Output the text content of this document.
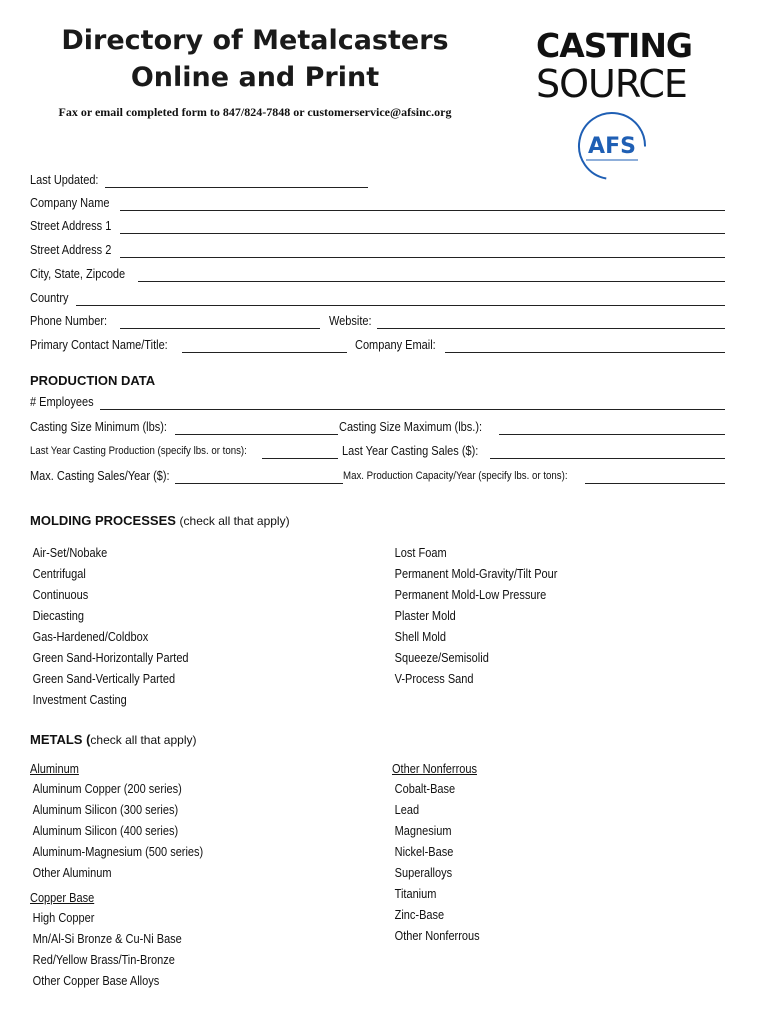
Directory of Metalcasters
Online and Print
Fax or email completed form to 847/824-7848 or customerservice@afsinc.org
CASTING
SOURCE
AFS
Last Updated:
Company Name
Street Address 1
Street Address 2
City, State, Zipcode
Country
Phone Number:	Website:
Primary Contact Name/Title:	Company Email:
PRODUCTION DATA
# Employees
Casting Size Minimum (lbs):	Casting Size Maximum (lbs.):
Last Year Casting Production (specify lbs. or tons):	Last Year Casting Sales ($):
Max. Casting Sales/Year ($):	Max. Production Capacity/Year (specify lbs. or tons):
MOLDING PROCESSES (check all that apply)
Air-Set/Nobake
Centrifugal
Continuous
Diecasting
Gas-Hardened/Coldbox
Green Sand-Horizontally Parted
Green Sand-Vertically Parted
Investment Casting
Lost Foam
Permanent Mold-Gravity/Tilt Pour
Permanent Mold-Low Pressure
Plaster Mold
Shell Mold
Squeeze/Semisolid
V-Process Sand
METALS (check all that apply)
Aluminum
Aluminum Copper (200 series)
Aluminum Silicon (300 series)
Aluminum Silicon (400 series)
Aluminum-Magnesium (500 series)
Other Aluminum
Copper Base
High Copper
Mn/Al-Si Bronze & Cu-Ni Base
Red/Yellow Brass/Tin-Bronze
Other Copper Base Alloys
Other Nonferrous
Cobalt-Base
Lead
Magnesium
Nickel-Base
Superalloys
Titanium
Zinc-Base
Other Nonferrous
